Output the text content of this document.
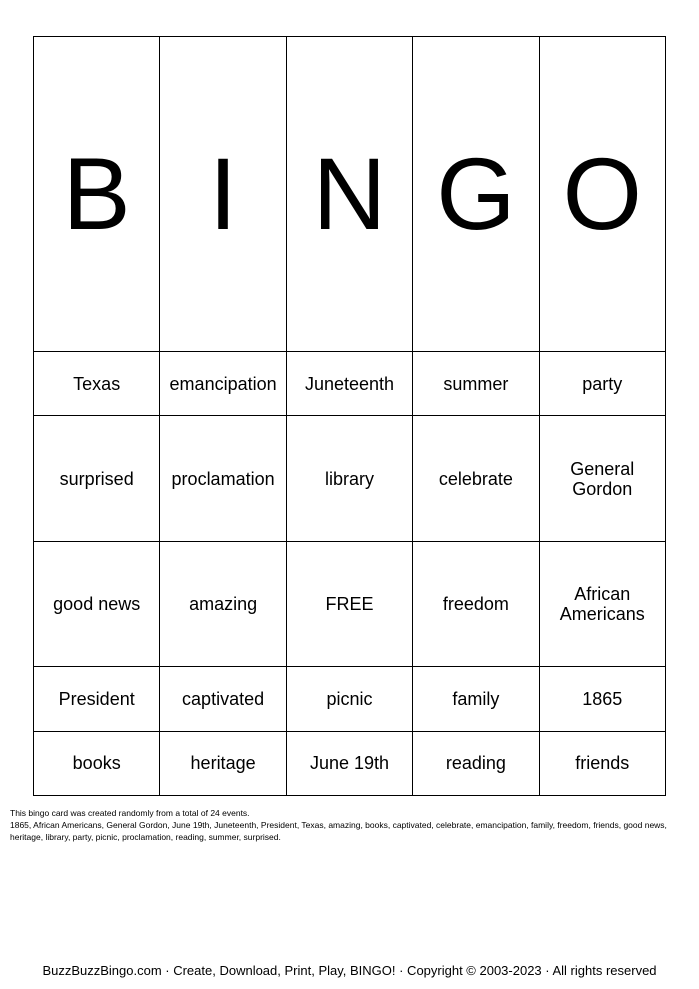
B	I	N	G	O
Texas	emancipation	Juneteenth	summer	party
surprised	proclamation	library	celebrate	General Gordon
good news	amazing	FREE	freedom	African Americans
President	captivated	picnic	family	1865
books	heritage	June 19th	reading	friends

This bingo card was created randomly from a total of 24 events.

1865, African Americans, General Gordon, June 19th, Juneteenth, President, Texas, amazing, books, captivated, celebrate, emancipation, family, freedom, friends, good news, heritage, library, party, picnic, proclamation, reading, summer, surprised.

BuzzBuzzBingo.com · Create, Download, Print, Play, BINGO! · Copyright © 2003-2023 · All rights reserved
